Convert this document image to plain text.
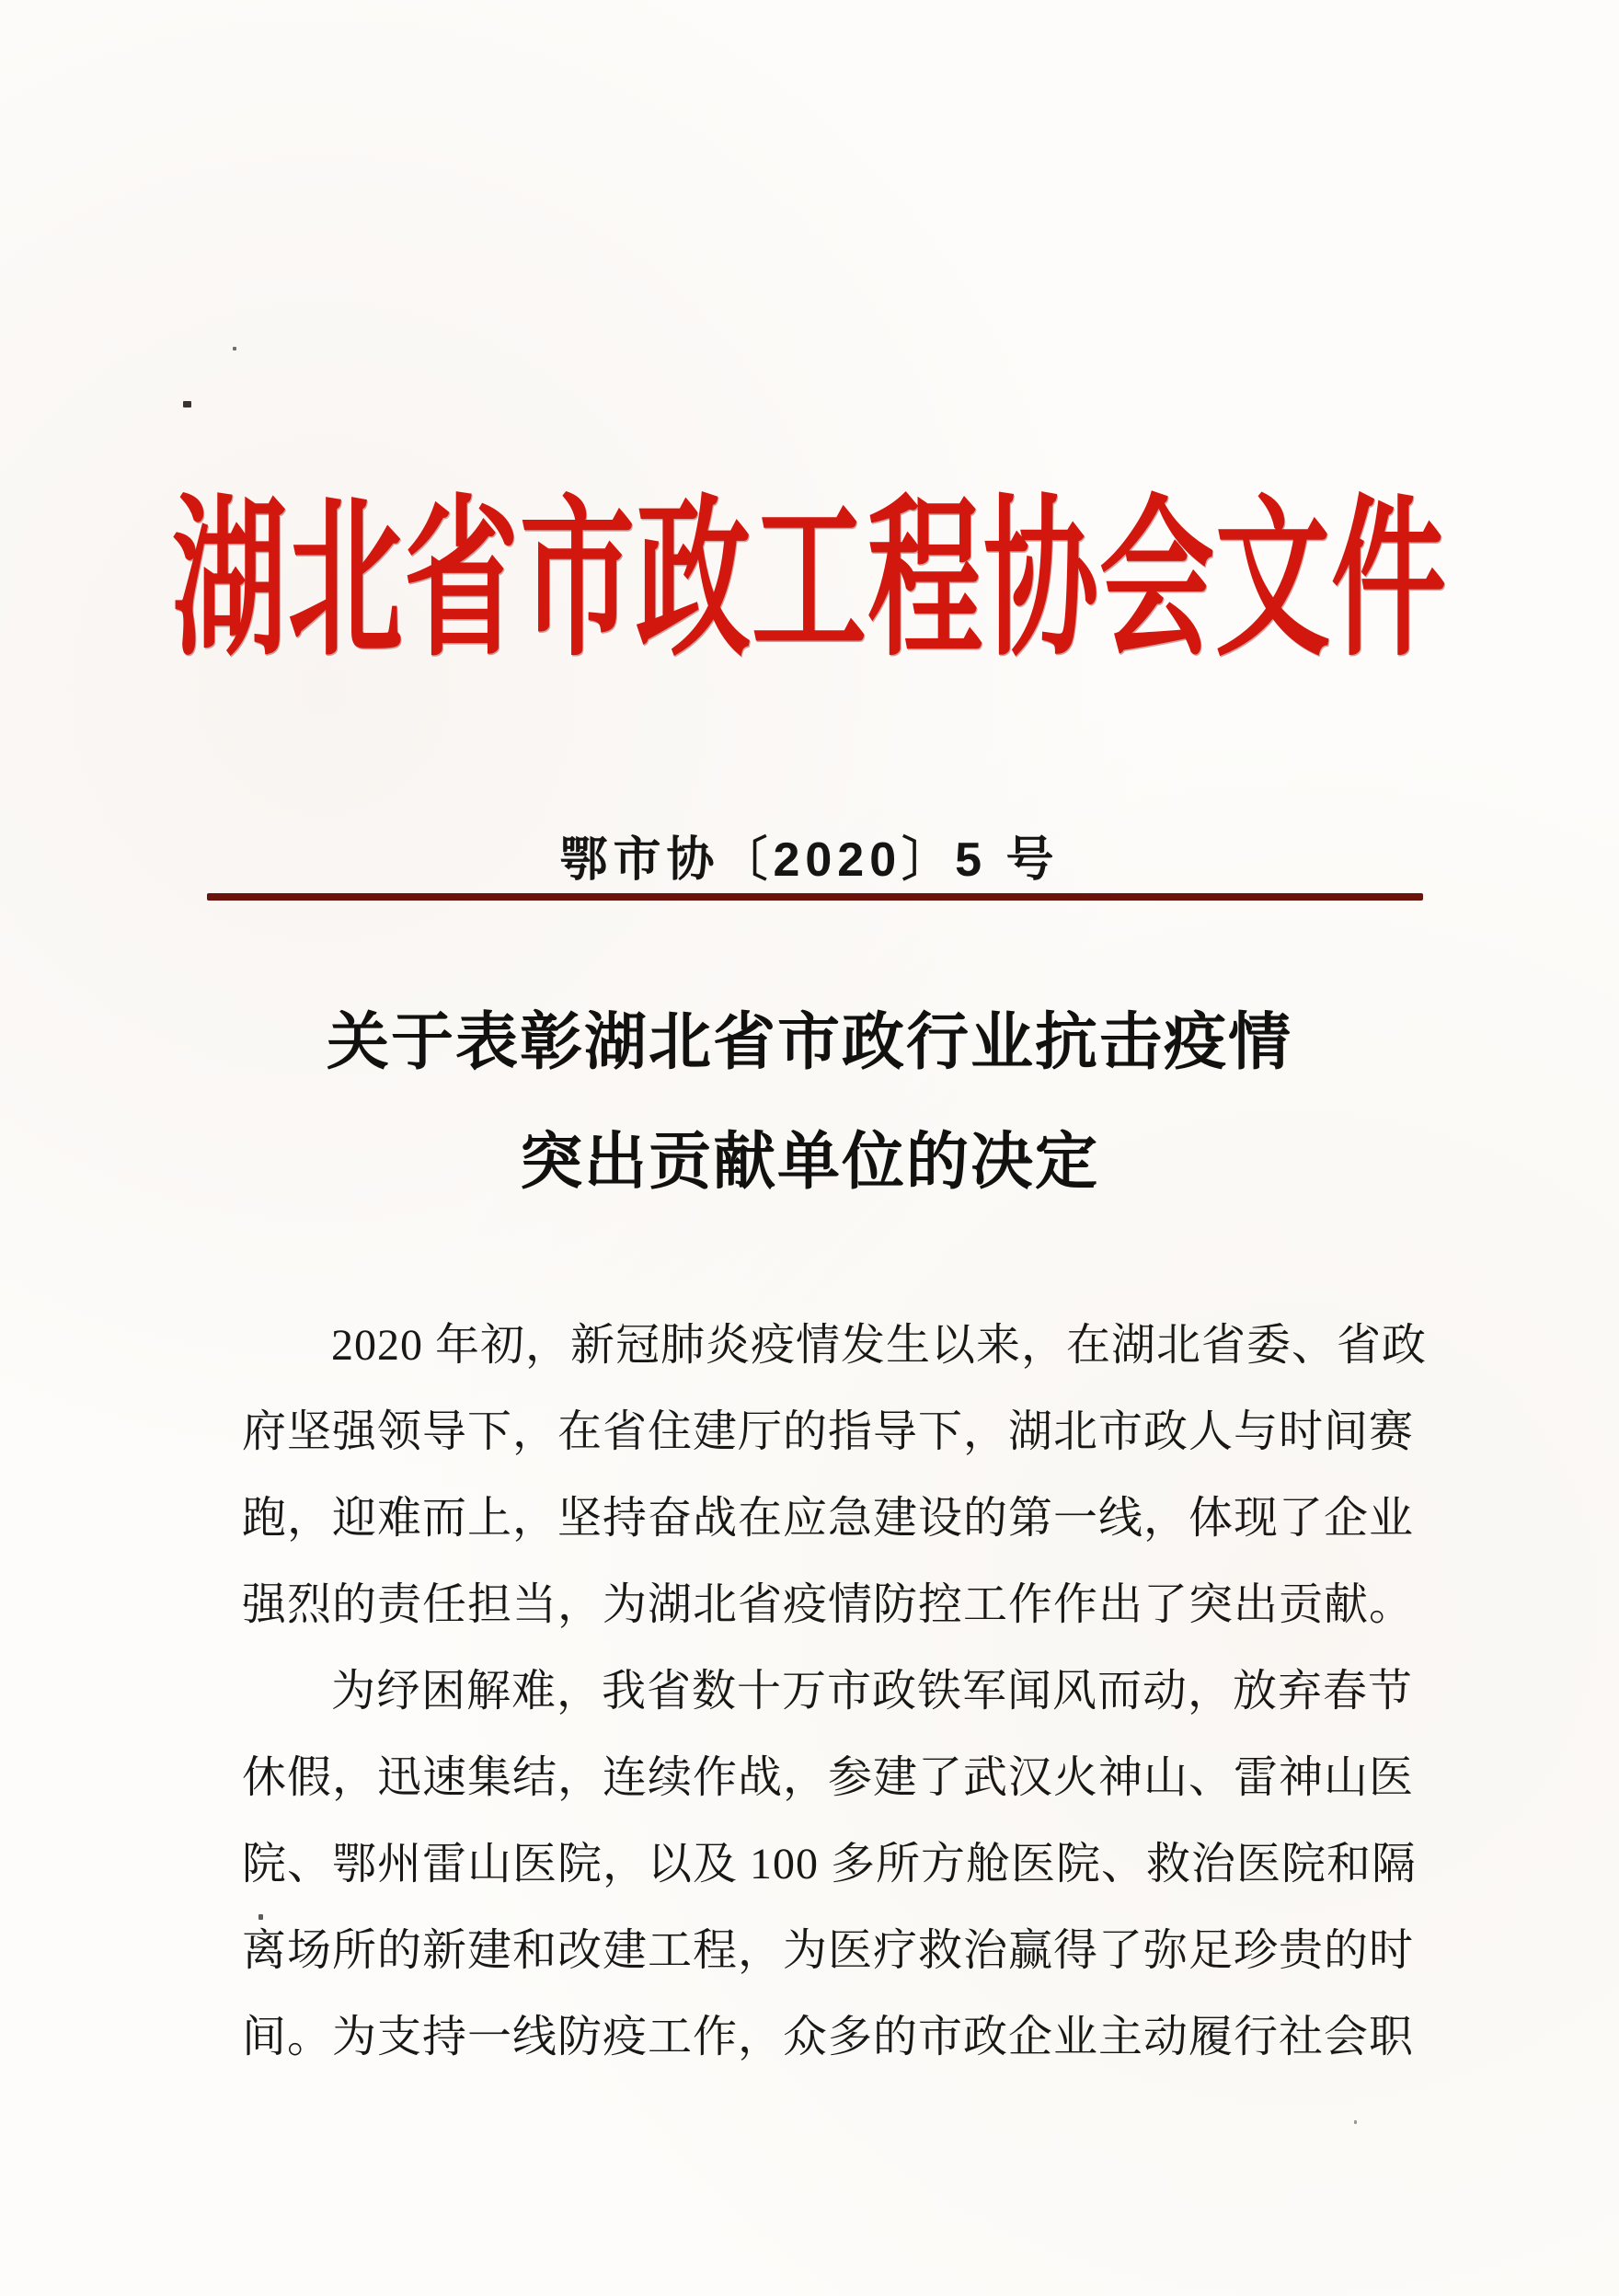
湖北省市政工程协会文件
鄂市协〔2020〕5 号
关于表彰湖北省市政行业抗击疫情
突出贡献单位的决定
2020 年初，新冠肺炎疫情发生以来，在湖北省委、省政
府坚强领导下，在省住建厅的指导下，湖北市政人与时间赛
跑，迎难而上，坚持奋战在应急建设的第一线，体现了企业
强烈的责任担当，为湖北省疫情防控工作作出了突出贡献。
为纾困解难，我省数十万市政铁军闻风而动，放弃春节
休假，迅速集结，连续作战，参建了武汉火神山、雷神山医
院、鄂州雷山医院，以及 100 多所方舱医院、救治医院和隔
离场所的新建和改建工程，为医疗救治赢得了弥足珍贵的时
间。为支持一线防疫工作，众多的市政企业主动履行社会职
